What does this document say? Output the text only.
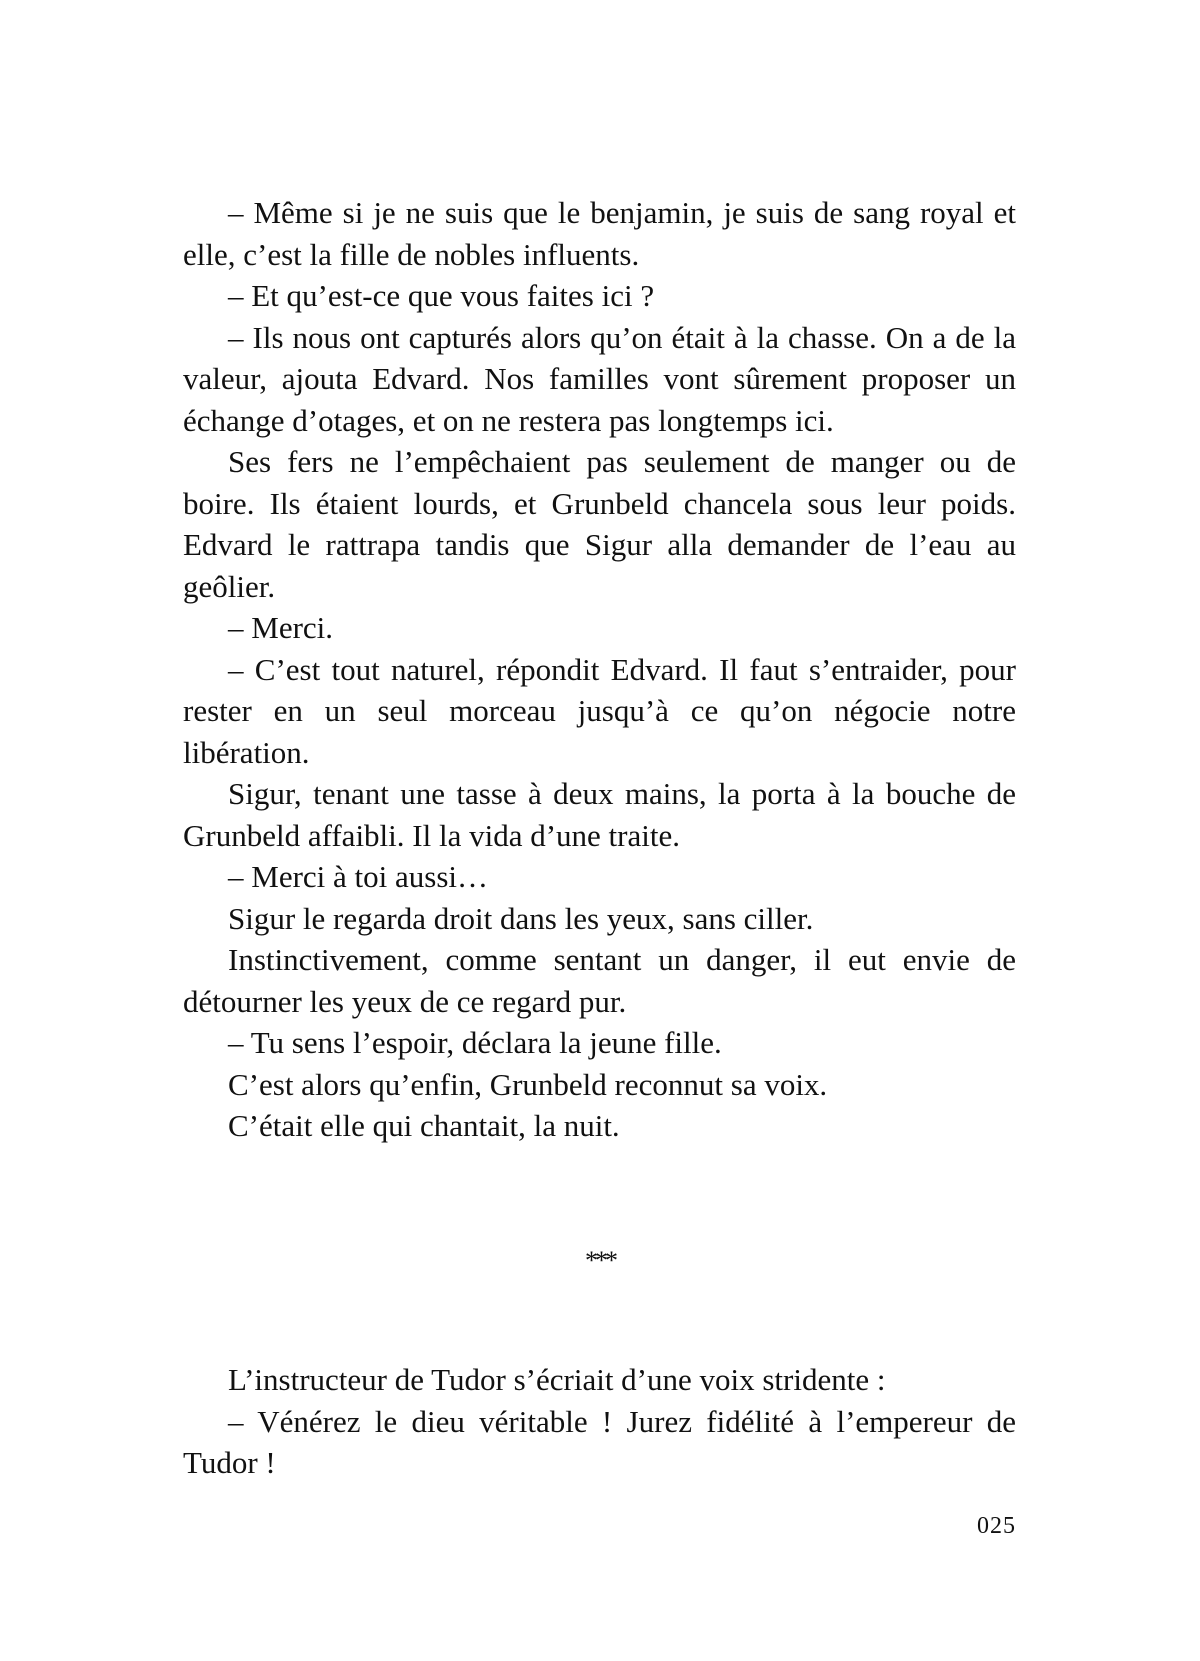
– Même si je ne suis que le benjamin, je suis de sang royal et elle, c’est la fille de nobles influents.

– Et qu’est-ce que vous faites ici ?

– Ils nous ont capturés alors qu’on était à la chasse. On a de la valeur, ajouta Edvard. Nos familles vont sûrement proposer un échange d’otages, et on ne restera pas longtemps ici.

Ses fers ne l’empêchaient pas seulement de manger ou de boire. Ils étaient lourds, et Grunbeld chancela sous leur poids. Edvard le rattrapa tandis que Sigur alla demander de l’eau au geôlier.

– Merci.

– C’est tout naturel, répondit Edvard. Il faut s’entraider, pour rester en un seul morceau jusqu’à ce qu’on négocie notre libération.

Sigur, tenant une tasse à deux mains, la porta à la bouche de Grunbeld affaibli. Il la vida d’une traite.

– Merci à toi aussi…

Sigur le regarda droit dans les yeux, sans ciller.

Instinctivement, comme sentant un danger, il eut envie de détourner les yeux de ce regard pur.

– Tu sens l’espoir, déclara la jeune fille.

C’est alors qu’enfin, Grunbeld reconnut sa voix.

C’était elle qui chantait, la nuit.

***

L’instructeur de Tudor s’écriait d’une voix stridente :

– Vénérez le dieu véritable ! Jurez fidélité à l’empereur de Tudor !

025
